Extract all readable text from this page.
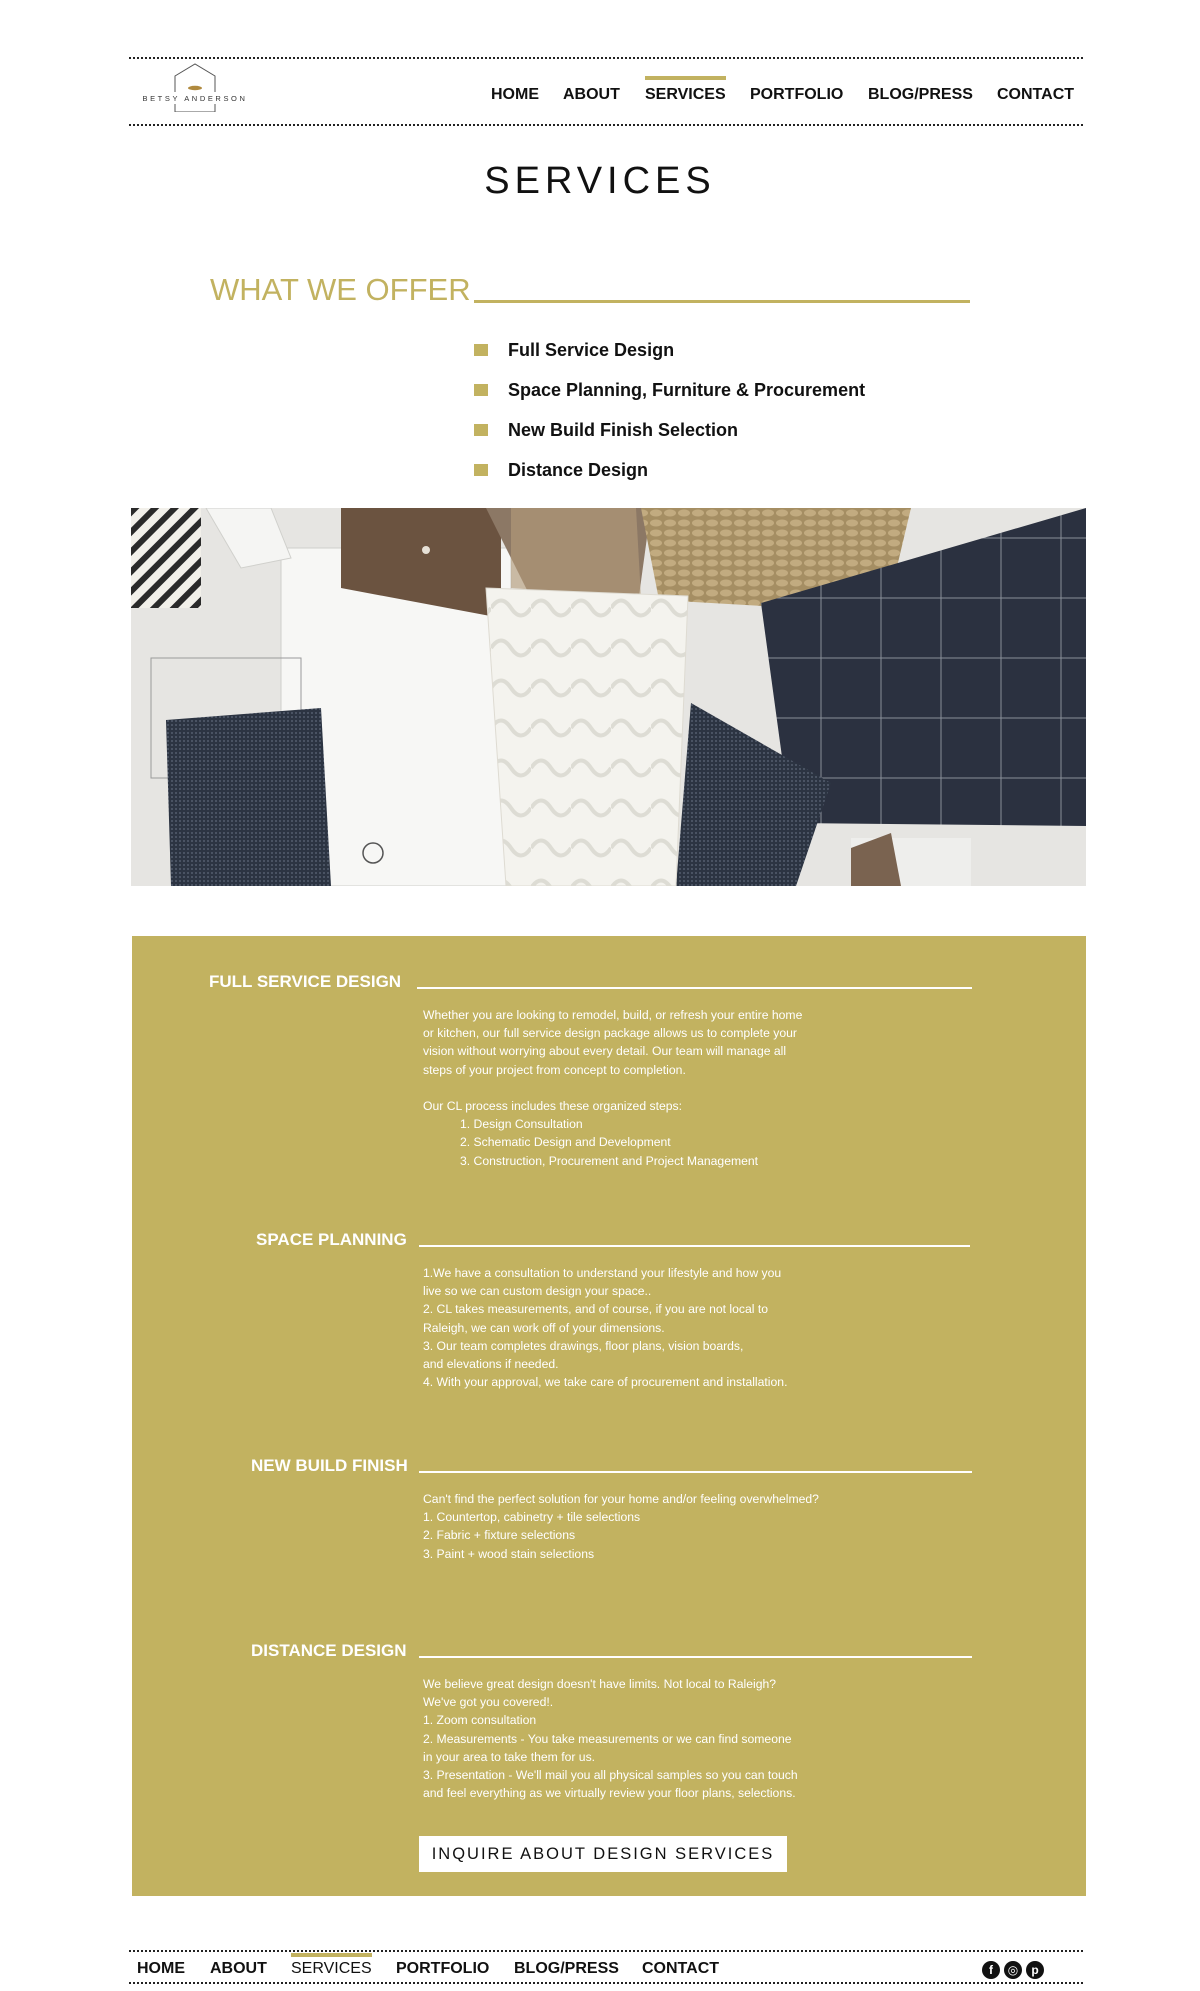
BETSY ANDERSON	HOME ABOUT SERVICES PORTFOLIO BLOG/PRESS CONTACT
SERVICES
WHAT WE OFFER
Full Service Design
Space Planning, Furniture & Procurement
New Build Finish Selection
Distance Design
FULL SERVICE DESIGN
Whether you are looking to remodel, build, or refresh your entire home
or kitchen, our full service design package allows us to complete your
vision without worrying about every detail. Our team will manage all
steps of your project from concept to completion.
Our CL process includes these organized steps:
1. Design Consultation
2. Schematic Design and Development
3. Construction, Procurement and Project Management
SPACE PLANNING
1.We have a consultation to understand your lifestyle and how you
live so we can custom design your space..
2. CL takes measurements, and of course, if you are not local to
Raleigh, we can work off of your dimensions.
3. Our team completes drawings, floor plans, vision boards,
and elevations if needed.
4. With your approval, we take care of procurement and installation.
NEW BUILD FINISH
Can't find the perfect solution for your home and/or feeling overwhelmed?
1. Countertop, cabinetry + tile selections
2. Fabric + fixture selections
3. Paint + wood stain selections
DISTANCE DESIGN
We believe great design doesn't have limits. Not local to Raleigh?
We've got you covered!.
1. Zoom consultation
2. Measurements - You take measurements or we can find someone
in your area to take them for us.
3. Presentation - We'll mail you all physical samples so you can touch
and feel everything as we virtually review your floor plans, selections.
INQUIRE ABOUT DESIGN SERVICES
HOME ABOUT SERVICES PORTFOLIO BLOG/PRESS CONTACT	f	◎	p
